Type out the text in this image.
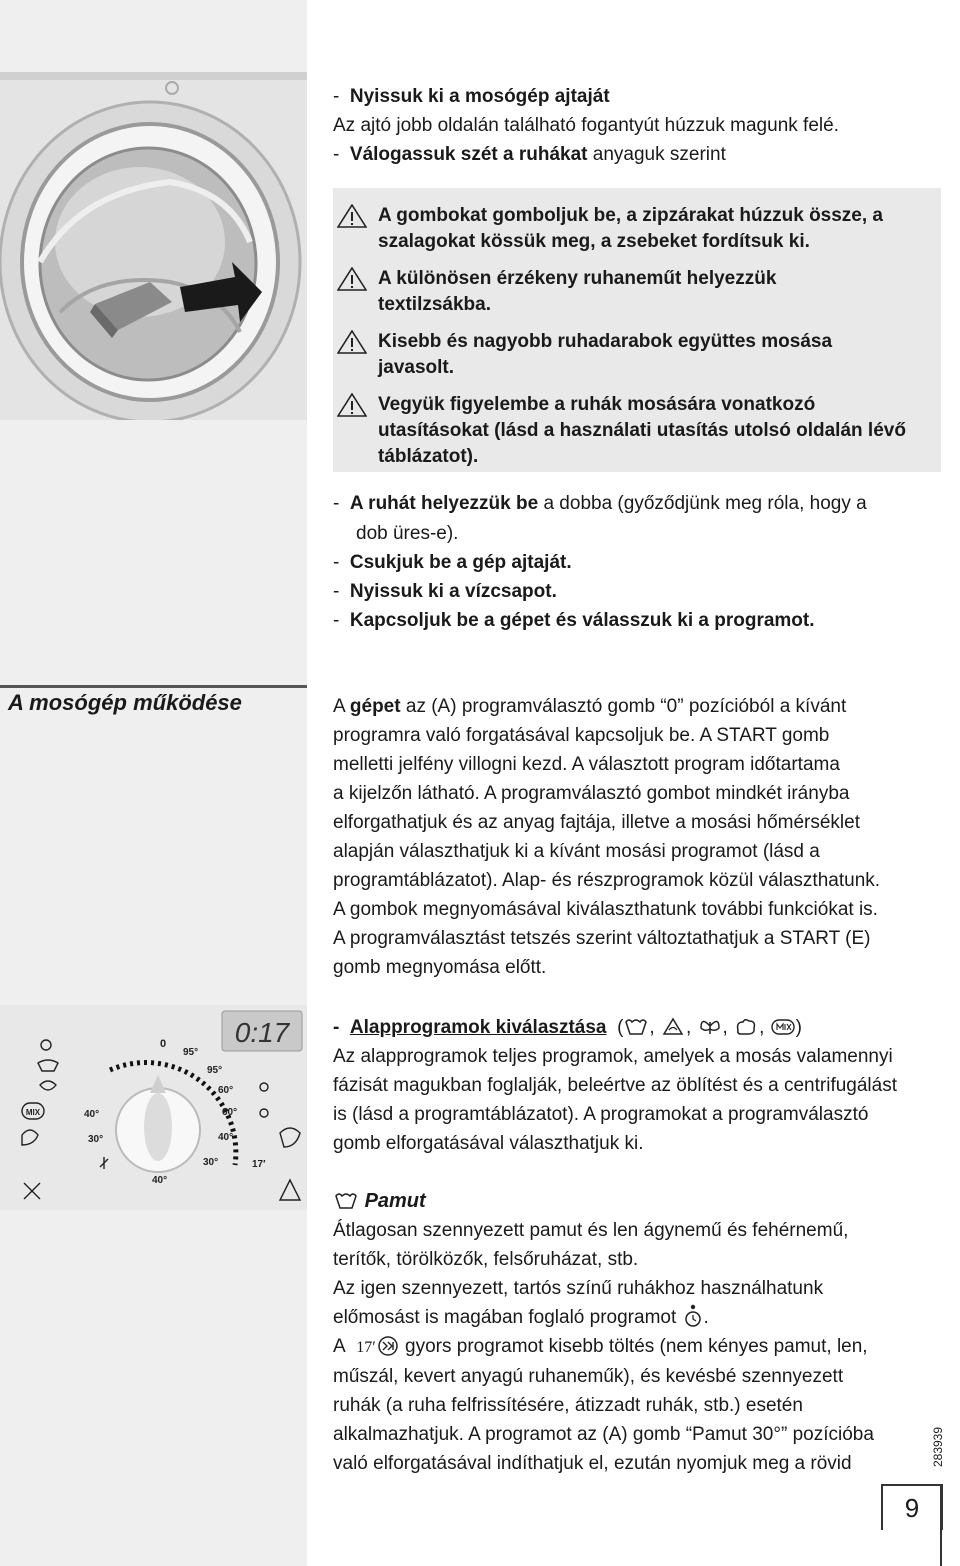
- Nyissuk ki a mosógép ajtaját
Az ajtó jobb oldalán található fogantyút húzzuk magunk felé.
- Válogassuk szét a ruhákat anyaguk szerint
A gombokat gomboljuk be, a zipzárakat húzzuk össze, a szalagokat kössük meg, a zsebeket fordítsuk ki.
A különösen érzékeny ruhaneműt helyezzük textilzsákba.
Kisebb és nagyobb ruhadarabok együttes mosása javasolt.
Vegyük figyelembe a ruhák mosására vonatkozó utasításokat (lásd a használati utasítás utolsó oldalán lévő táblázatot).
-  A ruhát helyezzük be a dobba (győződjünk meg róla, hogy a
dob üres-e).
-  Csukjuk be a gép ajtaját.
-  Nyissuk ki a vízcsapot.
-  Kapcsoljuk be a gépet és válasszuk ki a programot.
A mosógép működése	A gépet az (A) programválasztó gomb “0” pozícióból a kívánt
programra való forgatásával kapcsoljuk be. A START gomb
melletti jelfény villogni kezd. A választott program időtartama
a kijelzőn látható. A programválasztó gombot mindkét irányba
elforgathatjuk és az anyag fajtája, illetve a mosási hőmérséklet
alapján választhatjuk ki a kívánt mosási programot (lásd a
programtáblázatot). Alap- és részprogramok közül választhatunk.
A gombok megnyomásával kiválaszthatunk további funkciókat is.
A programválasztást tetszés szerint változtathatjuk a START (E)
gomb megnyomása előtt.
0:17
0
95°
95°
60°
60°
40°
40°
30°
30°
40°
17′
MIX
- Alapprogramok kiválasztása ( , , , , )
Az alapprogramok teljes programok, amelyek a mosás valamennyi
fázisát magukban foglalják, beleértve az öblítést és a centrifugálást
is (lásd a programtáblázatot). A programokat a programválasztó
gomb elforgatásával választhatjuk ki.
Pamut
Átlagosan szennyezett pamut és len ágynemű és fehérnemű,
terítők, törölközők, felsőruházat, stb.
Az igen szennyezett, tartós színű ruhákhoz használhatunk
előmosást is magában foglaló programot .
A 17′ gyors programot kisebb töltés (nem kényes pamut, len,
műszál, kevert anyagú ruhaneműk), és kevésbé szennyezett
ruhák (a ruha felfrissítésére, átizzadt ruhák, stb.) esetén
alkalmazhatjuk. A programot az (A) gomb “Pamut 30°” pozícióba
való elforgatásával indíthatjuk el, ezután nyomjuk meg a rövid	283939
9
